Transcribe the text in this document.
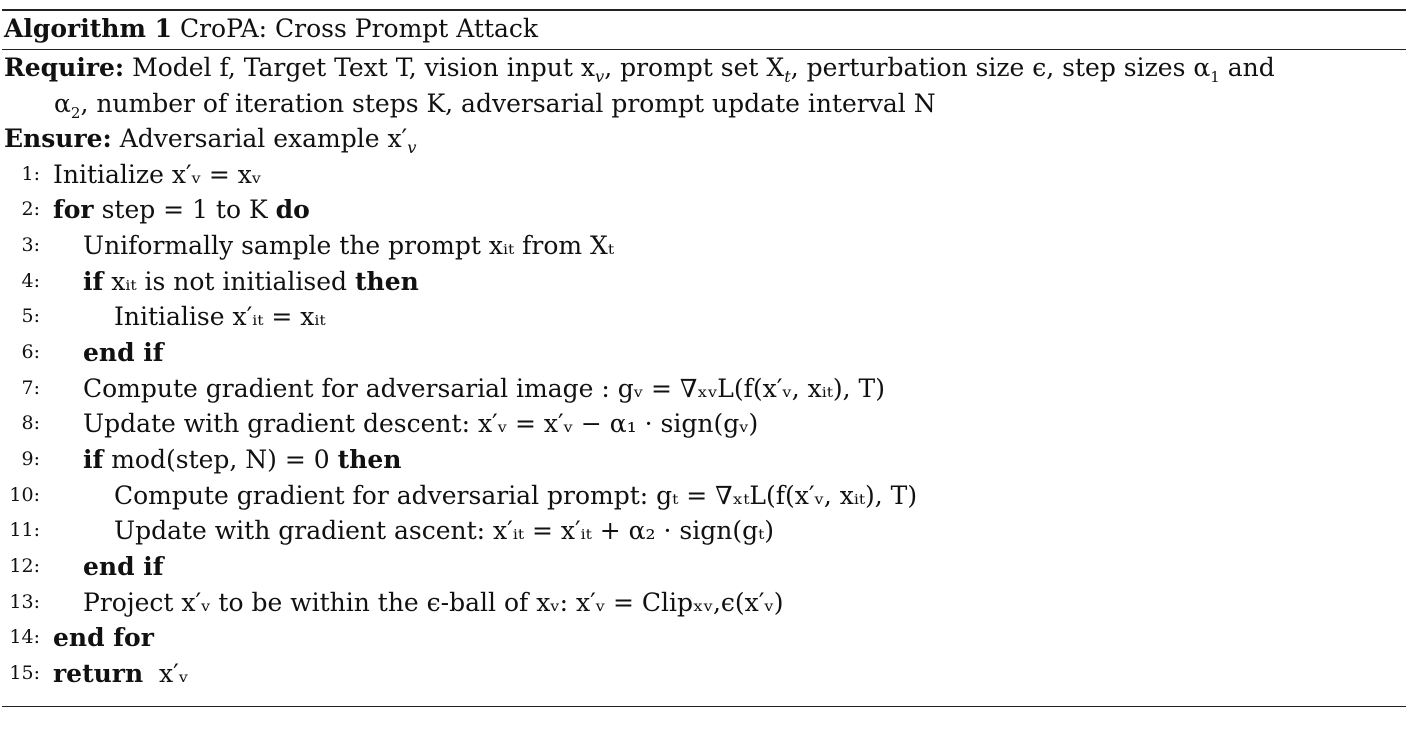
Algorithm 1 CroPA: Cross Prompt Attack
Require: Model f, Target Text T, vision input $x_v$, prompt set $X_t$, perturbation size ϵ, step sizes $\alpha_1$ and
$\alpha_2$, number of iteration steps K, adversarial prompt update interval N
Ensure: Adversarial example $x'_v$
1: Initialize x′ᵥ = xᵥ
2: for step = 1 to K do
3: Uniformally sample the prompt xᵢₜ from Xₜ
4: if xᵢₜ is not initialised then
5:	Initialise x′ᵢₜ = xᵢₜ
6: end if
7: Compute gradient for adversarial image : gᵥ = ∇ₓᵥL(f(x′ᵥ, xᵢₜ), T)
8: Update with gradient descent: x′ᵥ = x′ᵥ − α₁ · sign(gᵥ)
9: if mod(step, N) = 0 then
10:	Compute gradient for adversarial prompt: gₜ = ∇ₓₜL(f(x′ᵥ, xᵢₜ), T)
11:	Update with gradient ascent: x′ᵢₜ = x′ᵢₜ + α₂ · sign(gₜ)
12: end if
13: Project x′ᵥ to be within the ϵ-ball of xᵥ: x′ᵥ = Clipₓᵥ,ϵ(x′ᵥ)
14: end for
15: return  x′ᵥ
